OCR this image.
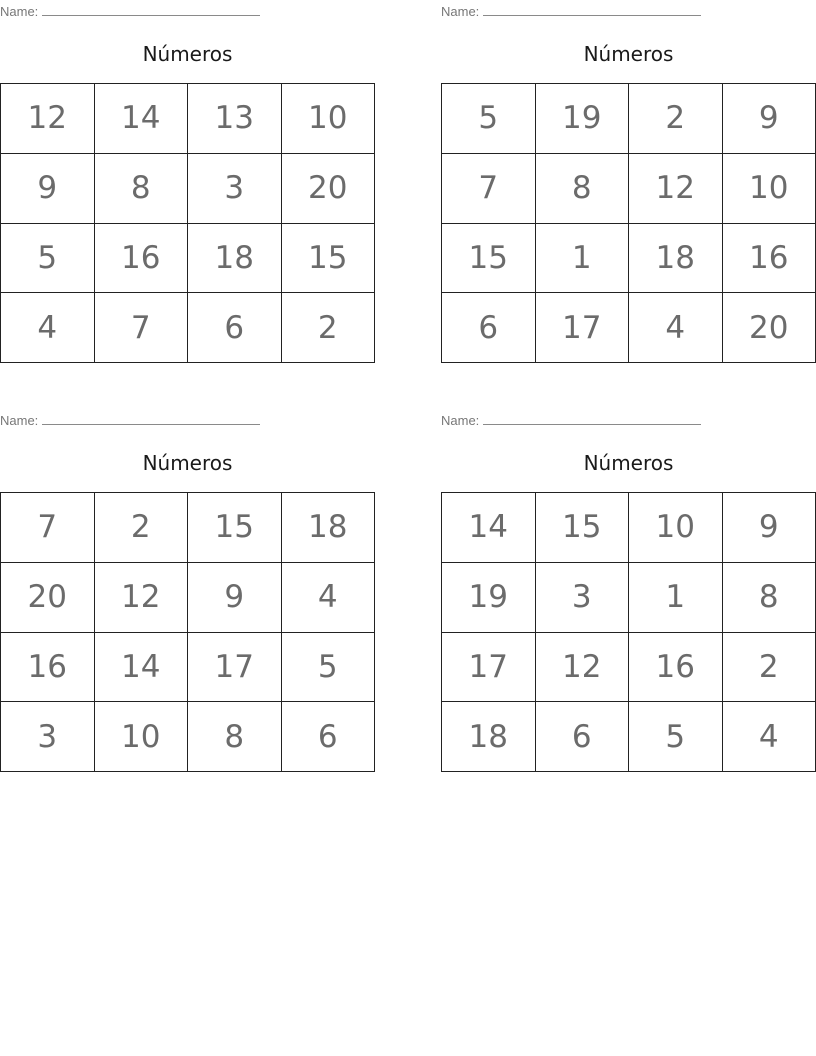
Name:
Números
12	14	13	10
9	8	3	20
5	16	18	15
4	7	6	2
Name:
Números
5	19	2	9
7	8	12	10
15	1	18	16
6	17	4	20
Name:
Números
7	2	15	18
20	12	9	4
16	14	17	5
3	10	8	6
Name:
Números
14	15	10	9
19	3	1	8
17	12	16	2
18	6	5	4
